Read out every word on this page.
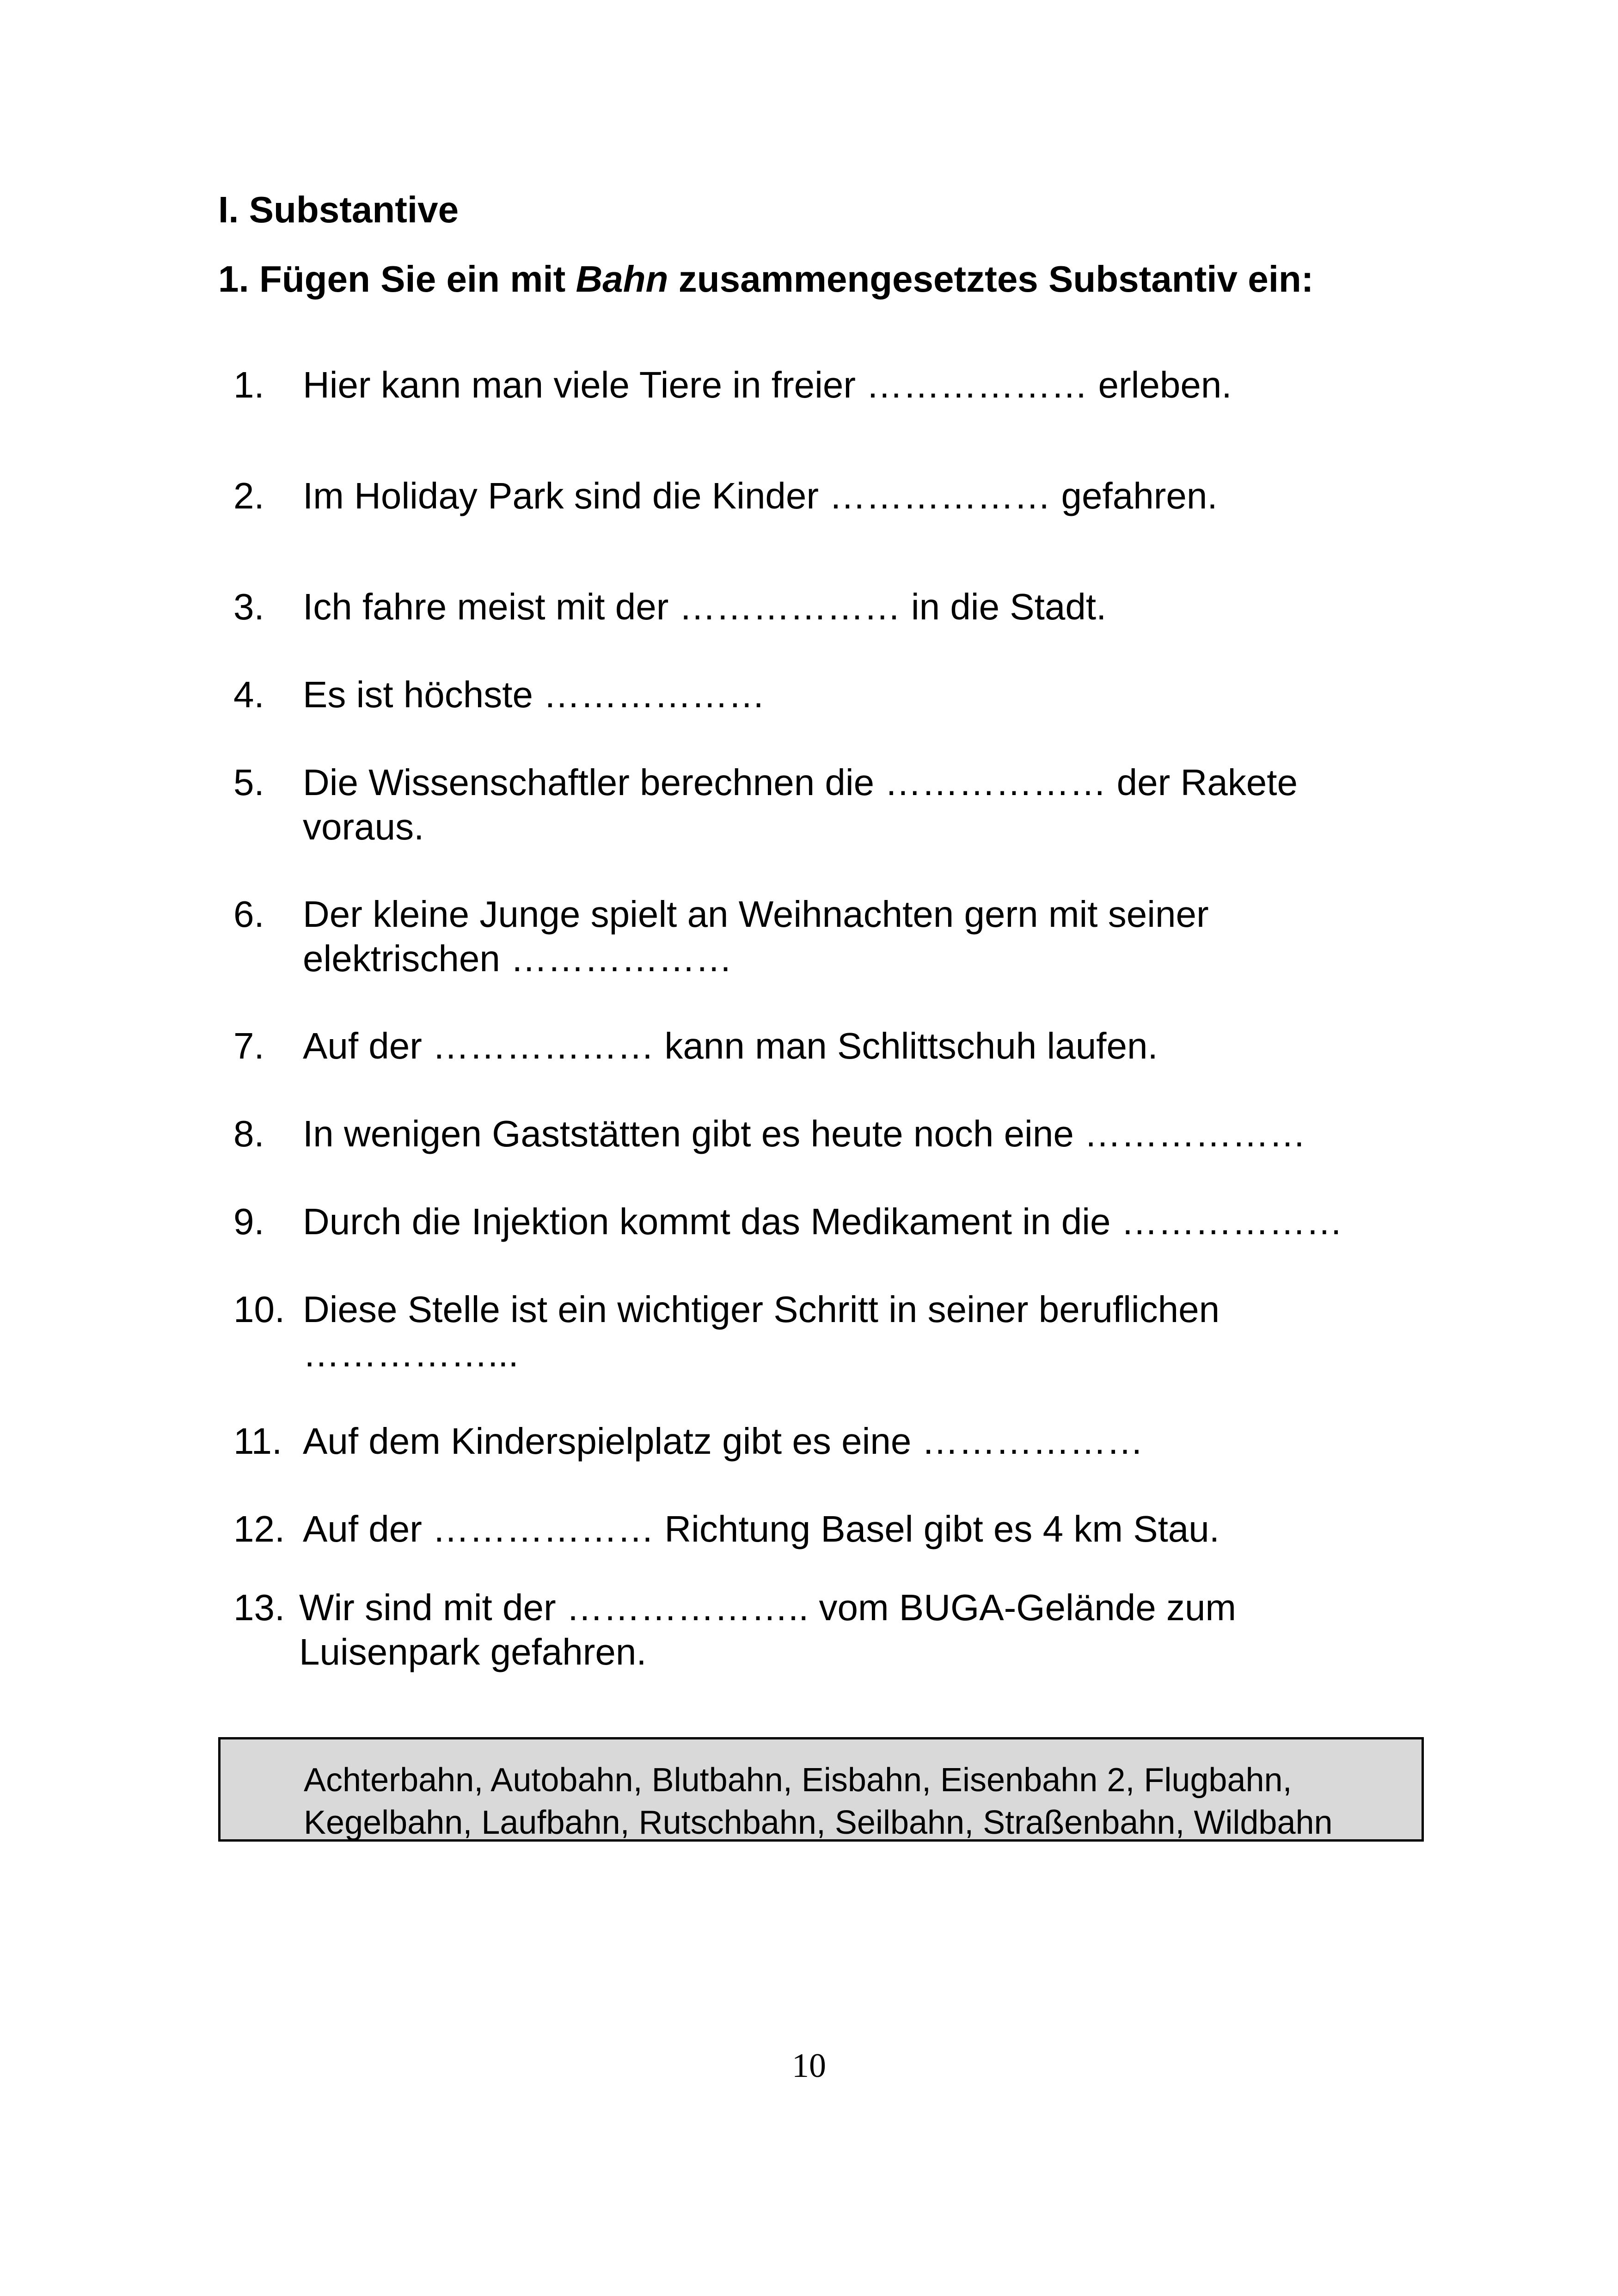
I. Substantive
1. Fügen Sie ein mit Bahn zusammengesetztes Substantiv ein:
1.	Hier kann man viele Tiere in freier ……………… erleben.
2.	Im Holiday Park sind die Kinder ……………… gefahren.
3.	Ich fahre meist mit der ……………… in die Stadt.
4.	Es ist höchste ………………
5.	Die Wissenschaftler berechnen die ……………… der Rakete voraus.
6.	Der kleine Junge spielt an Weihnachten gern mit seiner elektrischen ………………
7.	Auf der ……………… kann man Schlittschuh laufen.
8.	In wenigen Gaststätten gibt es heute noch eine ………………
9.	Durch die Injektion kommt das Medikament in die ………………
10. Diese Stelle ist ein wichtiger Schritt in seiner beruflichen ……………...
11. Auf dem Kinderspielplatz gibt es eine ………………
12. Auf der ……………… Richtung Basel gibt es 4 km Stau.
13. Wir sind mit der ……………….. vom BUGA-Gelände zum Luisenpark gefahren.
Achterbahn, Autobahn, Blutbahn, Eisbahn, Eisenbahn 2, Flugbahn, Kegelbahn, Laufbahn, Rutschbahn, Seilbahn, Straßenbahn, Wildbahn
10
